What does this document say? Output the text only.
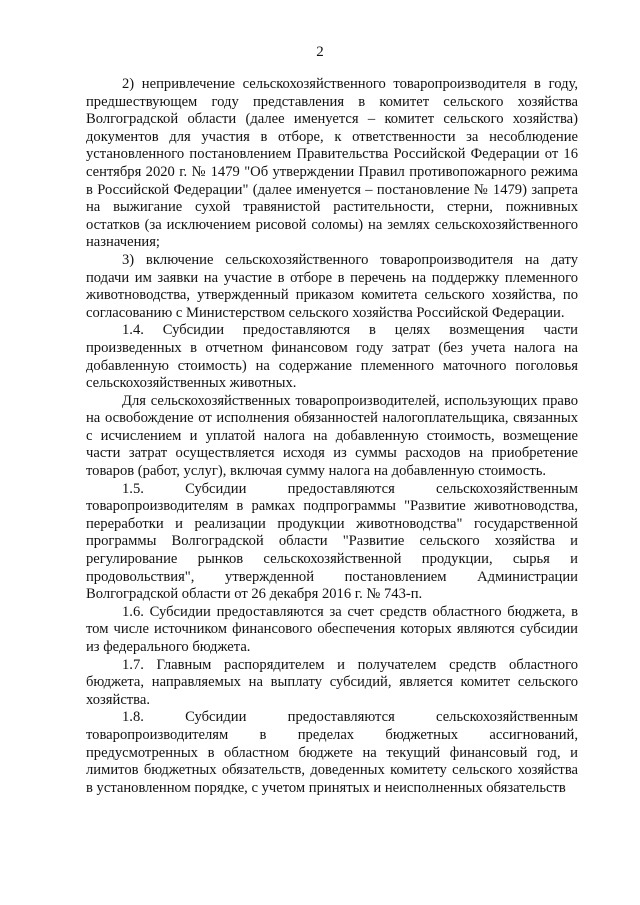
2

2) непривлечение сельскохозяйственного товаропроизводителя в году, предшествующем году представления в комитет сельского хозяйства Волгоградской области (далее именуется – комитет сельского хозяйства) документов для участия в отборе, к ответственности за несоблюдение установленного постановлением Правительства Российской Федерации от 16 сентября 2020 г. № 1479 "Об утверждении Правил противопожарного режима в Российской Федерации" (далее именуется – постановление № 1479) запрета на выжигание сухой травянистой растительности, стерни, пожнивных остатков (за исключением рисовой соломы) на землях сельскохозяйственного назначения;

3) включение сельскохозяйственного товаропроизводителя на дату подачи им заявки на участие в отборе в перечень на поддержку племенного животноводства, утвержденный приказом комитета сельского хозяйства, по согласованию с Министерством сельского хозяйства Российской Федерации.

1.4. Субсидии предоставляются в целях возмещения части произведенных в отчетном финансовом году затрат (без учета налога на добавленную стоимость) на содержание племенного маточного поголовья сельскохозяйственных животных.

Для сельскохозяйственных товаропроизводителей, использующих право на освобождение от исполнения обязанностей налогоплательщика, связанных с исчислением и уплатой налога на добавленную стоимость, возмещение части затрат осуществляется исходя из суммы расходов на приобретение товаров (работ, услуг), включая сумму налога на добавленную стоимость.

1.5. Субсидии предоставляются сельскохозяйственным товаропроизводителям в рамках подпрограммы "Развитие животноводства, переработки и реализации продукции животноводства" государственной программы Волгоградской области "Развитие сельского хозяйства и регулирование рынков сельскохозяйственной продукции, сырья и продовольствия", утвержденной постановлением Администрации Волгоградской области от 26 декабря 2016 г. № 743-п.

1.6. Субсидии предоставляются за счет средств областного бюджета, в том числе источником финансового обеспечения которых являются субсидии из федерального бюджета.

1.7. Главным распорядителем и получателем средств областного бюджета, направляемых на выплату субсидий, является комитет сельского хозяйства.

1.8. Субсидии предоставляются сельскохозяйственным товаропроизводителям в пределах бюджетных ассигнований, предусмотренных в областном бюджете на текущий финансовый год, и лимитов бюджетных обязательств, доведенных комитету сельского хозяйства в установленном порядке, с учетом принятых и неисполненных обязательств
